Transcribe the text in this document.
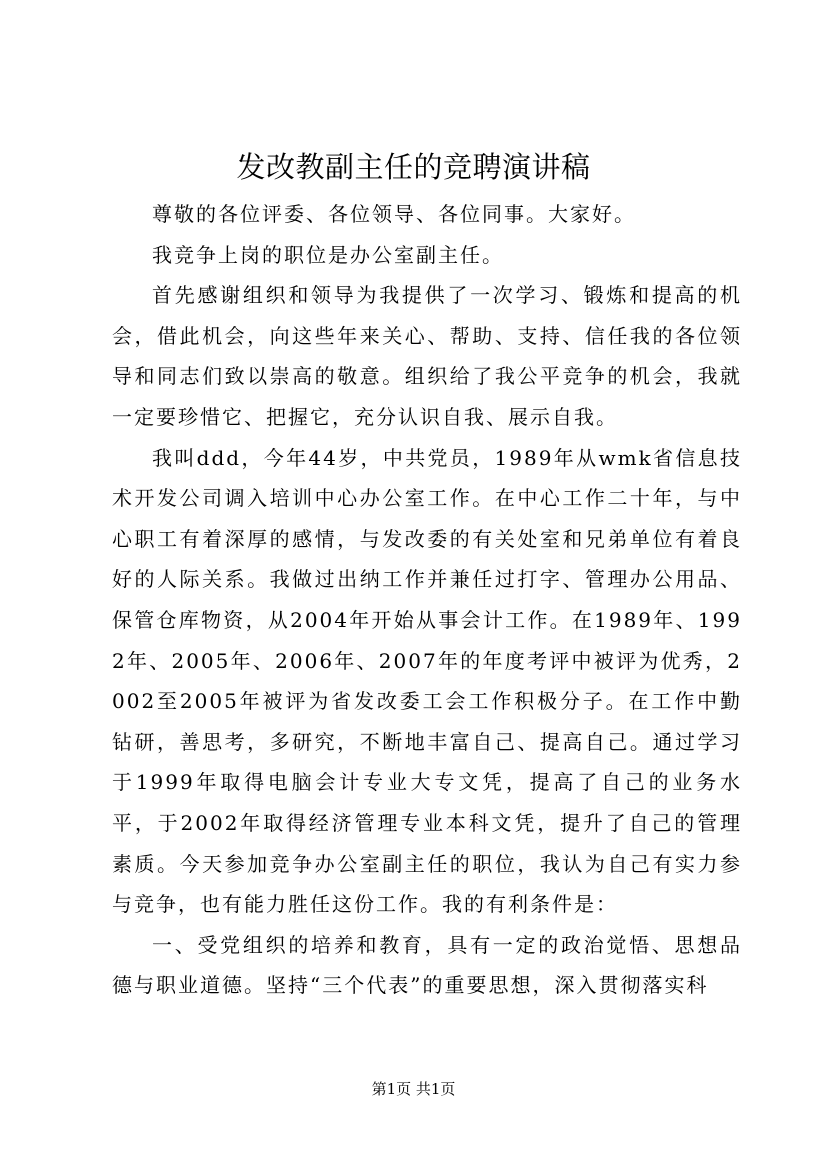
发改教副主任的竞聘演讲稿

尊敬的各位评委、各位领导、各位同事。大家好。

我竞争上岗的职位是办公室副主任。

首先感谢组织和领导为我提供了一次学习、锻炼和提高的机会，借此机会，向这些年来关心、帮助、支持、信任我的各位领导和同志们致以崇高的敬意。组织给了我公平竞争的机会，我就一定要珍惜它、把握它，充分认识自我、展示自我。

我叫ddd，今年44岁，中共党员，1989年从wmk省信息技术开发公司调入培训中心办公室工作。在中心工作二十年，与中心职工有着深厚的感情，与发改委的有关处室和兄弟单位有着良好的人际关系。我做过出纳工作并兼任过打字、管理办公用品、保管仓库物资，从2004年开始从事会计工作。在1989年、1992年、2005年、2006年、2007年的年度考评中被评为优秀，2002至2005年被评为省发改委工会工作积极分子。在工作中勤钻研，善思考，多研究，不断地丰富自己、提高自己。通过学习于1999年取得电脑会计专业大专文凭，提高了自己的业务水平，于2002年取得经济管理专业本科文凭，提升了自己的管理素质。今天参加竞争办公室副主任的职位，我认为自己有实力参与竞争，也有能力胜任这份工作。我的有利条件是：

一、受党组织的培养和教育，具有一定的政治觉悟、思想品德与职业道德。坚持“三个代表”的重要思想，深入贯彻落实科

第1页 共1页
